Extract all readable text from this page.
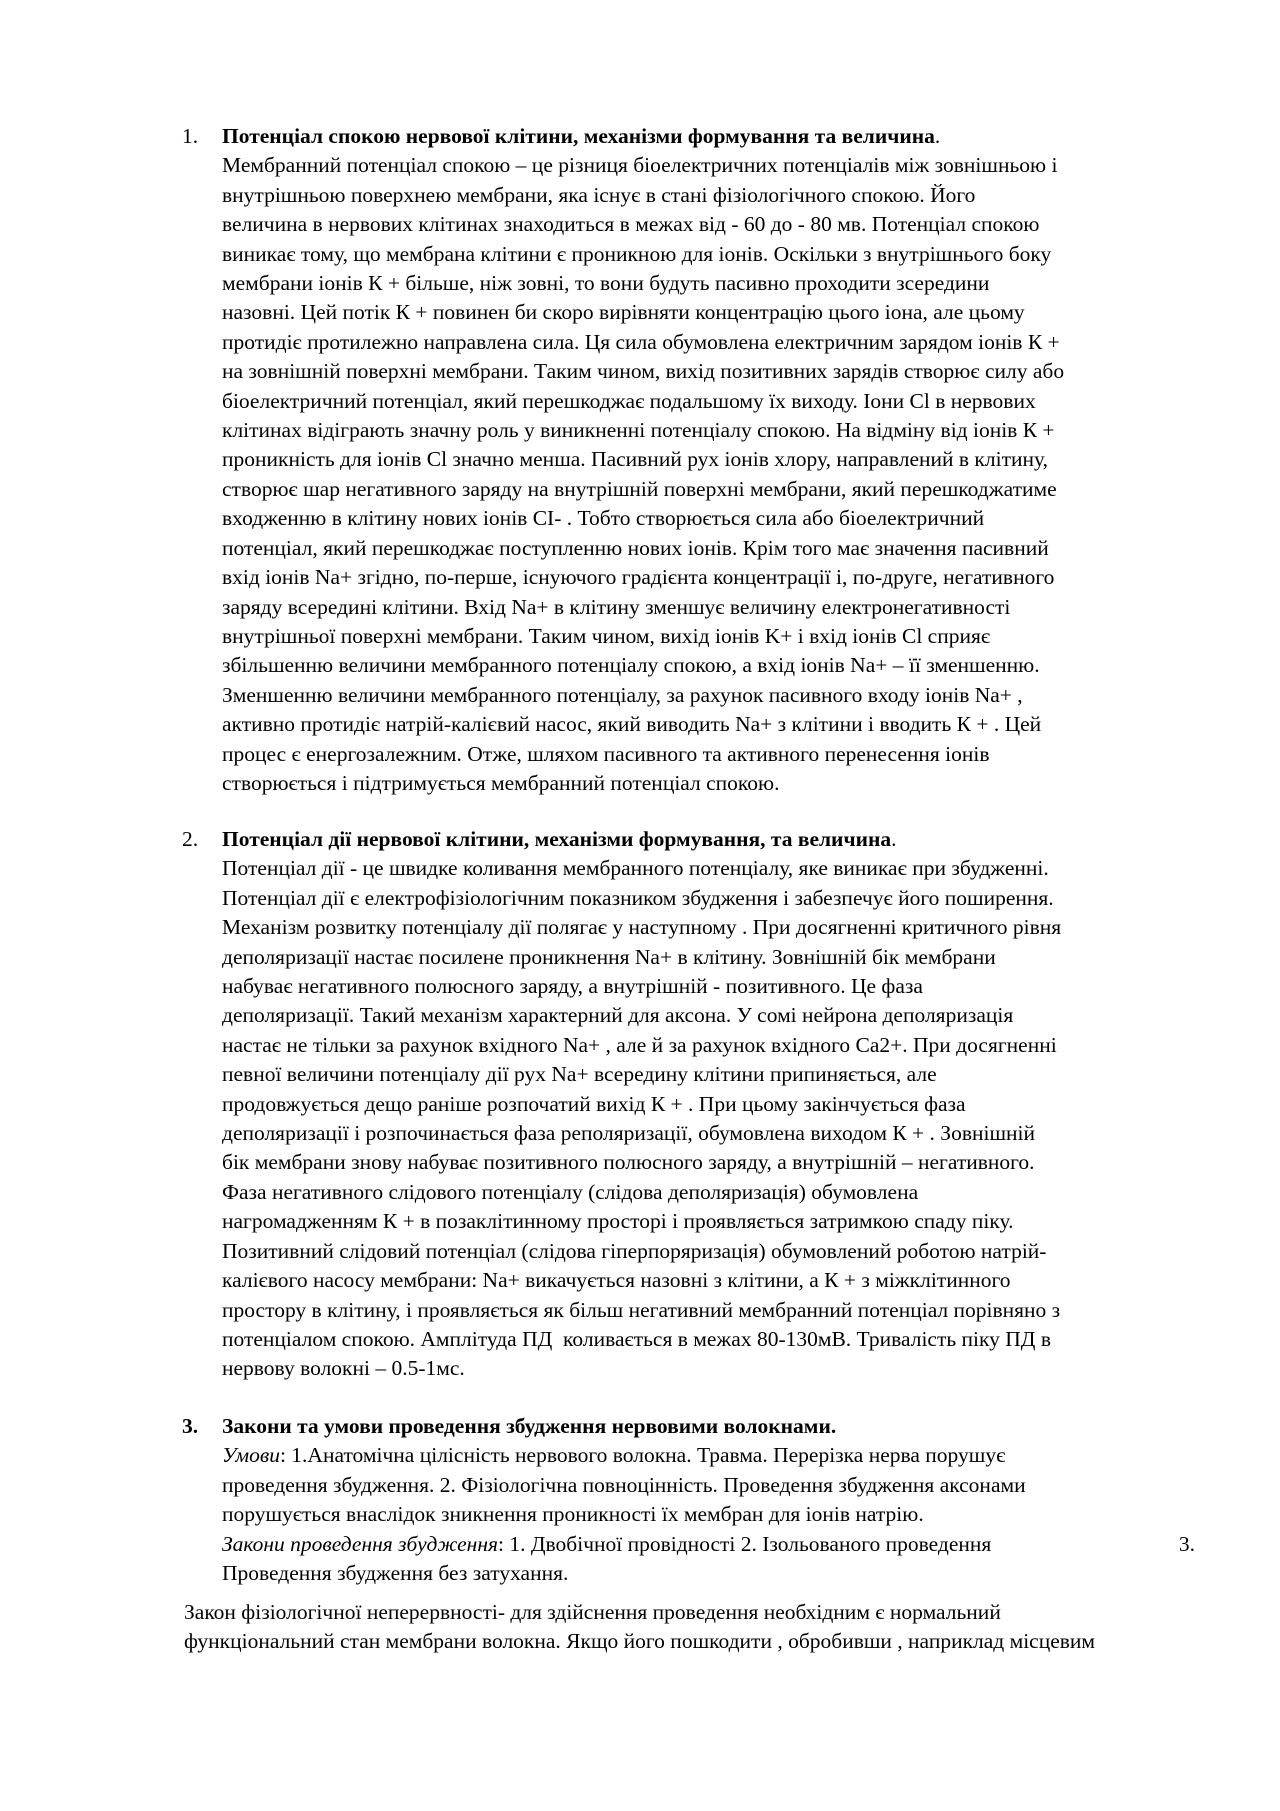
1. Потенціал спокою нервової клітини, механізми формування та величина.
Мембранний потенціал спокою – це різниця біоелектричних потенціалів між зовнішньою і
внутрішньою поверхнею мембрани, яка існує в стані фізіологічного спокою. Його
величина в нервових клітинах знаходиться в межах від - 60 до - 80 мв. Потенціал спокою
виникає тому, що мембрана клітини є проникною для іонів. Оскільки з внутрішнього боку
мембрани іонів К + більше, ніж зовні, то вони будуть пасивно проходити зсередини
назовні. Цей потік К + повинен би скоро вирівняти концентрацію цього іона, але цьому
протидіє протилежно направлена сила. Ця сила обумовлена електричним зарядом іонів К +
на зовнішній поверхні мембрани. Таким чином, вихід позитивних зарядів створює силу або
біоелектричний потенціал, який перешкоджає подальшому їх виходу. Іони Cl в нервових
клітинах відіграють значну роль у виникненні потенціалу спокою. На відміну від іонів К +
проникність для іонів Cl значно менша. Пасивний рух іонів хлору, направлений в клітину,
створює шар негативного заряду на внутрішній поверхні мембрани, який перешкоджатиме
входженню в клітину нових іонів СІ- . Тобто створюється сила або біоелектричний
потенціал, який перешкоджає поступленню нових іонів. Крім того має значення пасивний
вхід іонів Na+ згідно, по-перше, існуючого градієнта концентрації і, по-друге, негативного
заряду всередині клітини. Вхід Na+ в клітину зменшує величину електронегативності
внутрішньої поверхні мембрани. Таким чином, вихід іонів K+ і вхід іонів Cl сприяє
збільшенню величини мембранного потенціалу спокою, а вхід іонів Na+ – її зменшенню.
Зменшенню величини мембранного потенціалу, за рахунок пасивного входу іонів Na+ ,
активно протидіє натрій-калієвий насос, який виводить Na+ з клітини і вводить К + . Цей
процес є енергозалежним. Отже, шляхом пасивного та активного перенесення іонів
створюється і підтримується мембранний потенціал спокою.
2. Потенціал дії нервової клітини, механізми формування, та величина.
Потенціал дії - це швидке коливання мембранного потенціалу, яке виникає при збудженні.
Потенціал дії є електрофізіологічним показником збудження і забезпечує його поширення.
Механізм розвитку потенціалу дії полягає у наступному . При досягненні критичного рівня
деполяризації настає посилене проникнення Na+ в клітину. Зовнішній бік мембрани
набуває негативного полюсного заряду, а внутрішній - позитивного. Це фаза
деполяризації. Такий механізм характерний для аксона. У сомі нейрона деполяризація
настає не тільки за рахунок вхідного Na+ , але й за рахунок вхідного Са2+. При досягненні
певної величини потенціалу дії рух Na+ всередину клітини припиняється, але
продовжується дещо раніше розпочатий вихід К + . При цьому закінчується фаза
деполяризації і розпочинається фаза реполяризації, обумовлена виходом К + . Зовнішній
бік мембрани знову набуває позитивного полюсного заряду, а внутрішній – негативного.
Фаза негативного слідового потенціалу (слідова деполяризація) обумовлена
нагромадженням К + в позаклітинному просторі і проявляється затримкою спаду піку.
Позитивний слідовий потенціал (слідова гіперпоряризація) обумовлений роботою натрій-
калієвого насосу мембрани: Na+ викачується назовні з клітини, а К + з міжклітинного
простору в клітину, і проявляється як більш негативний мембранний потенціал порівняно з
потенціалом спокою. Амплітуда ПД  коливається в межах 80-130мВ. Тривалість піку ПД в
нервову волокні – 0.5-1мс.
3. Закони та умови проведення збудження нервовими волокнами.
Умови: 1.Анатомічна цілісність нервового волокна. Травма. Перерізка нерва порушує
проведення збудження. 2. Фізіологічна повноцінність. Проведення збудження аксонами
порушується внаслідок зникнення проникності їх мембран для іонів натрію.
Закони проведення збудження: 1. Двобічної провідності 2. Ізольованого проведення	3.
Проведення збудження без затухання.
Закон фізіологічної неперервності- для здійснення проведення необхідним є нормальний
функціональний стан мембрани волокна. Якщо його пошкодити , обробивши , наприклад місцевим
